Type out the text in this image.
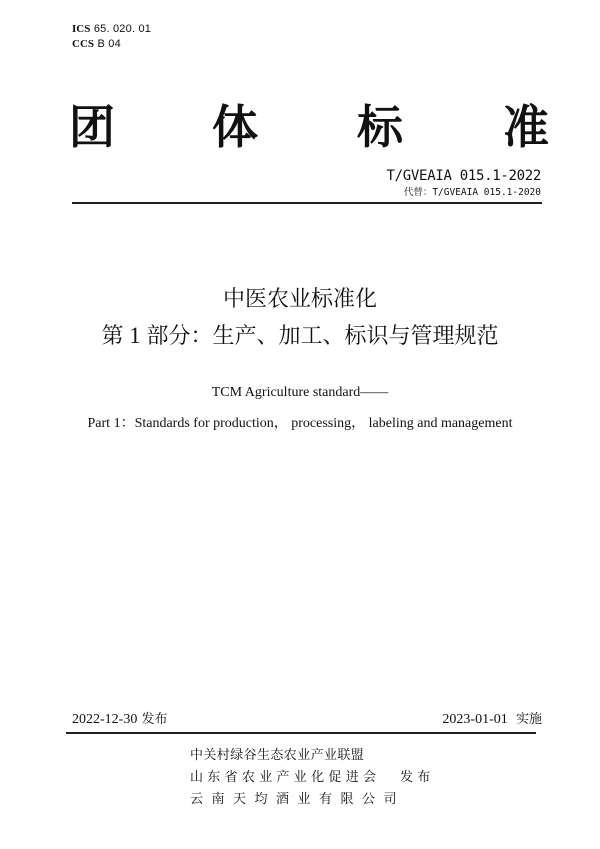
ICS 65. 020. 01
CCS B 04
团 体 标 准
T/GVEAIA 015.1-2022
代替：T/GVEAIA 015.1-2020
中医农业标准化
第 1 部分：生产、加工、标识与管理规范
TCM Agriculture standard——
Part 1：Standards for production， processing， labeling and management
2022-12-30 发布	2023-01-01  实施
中关村绿谷生态农业产业联盟
山东省农业产业化促进会 发布
云南天均酒业有限公司
